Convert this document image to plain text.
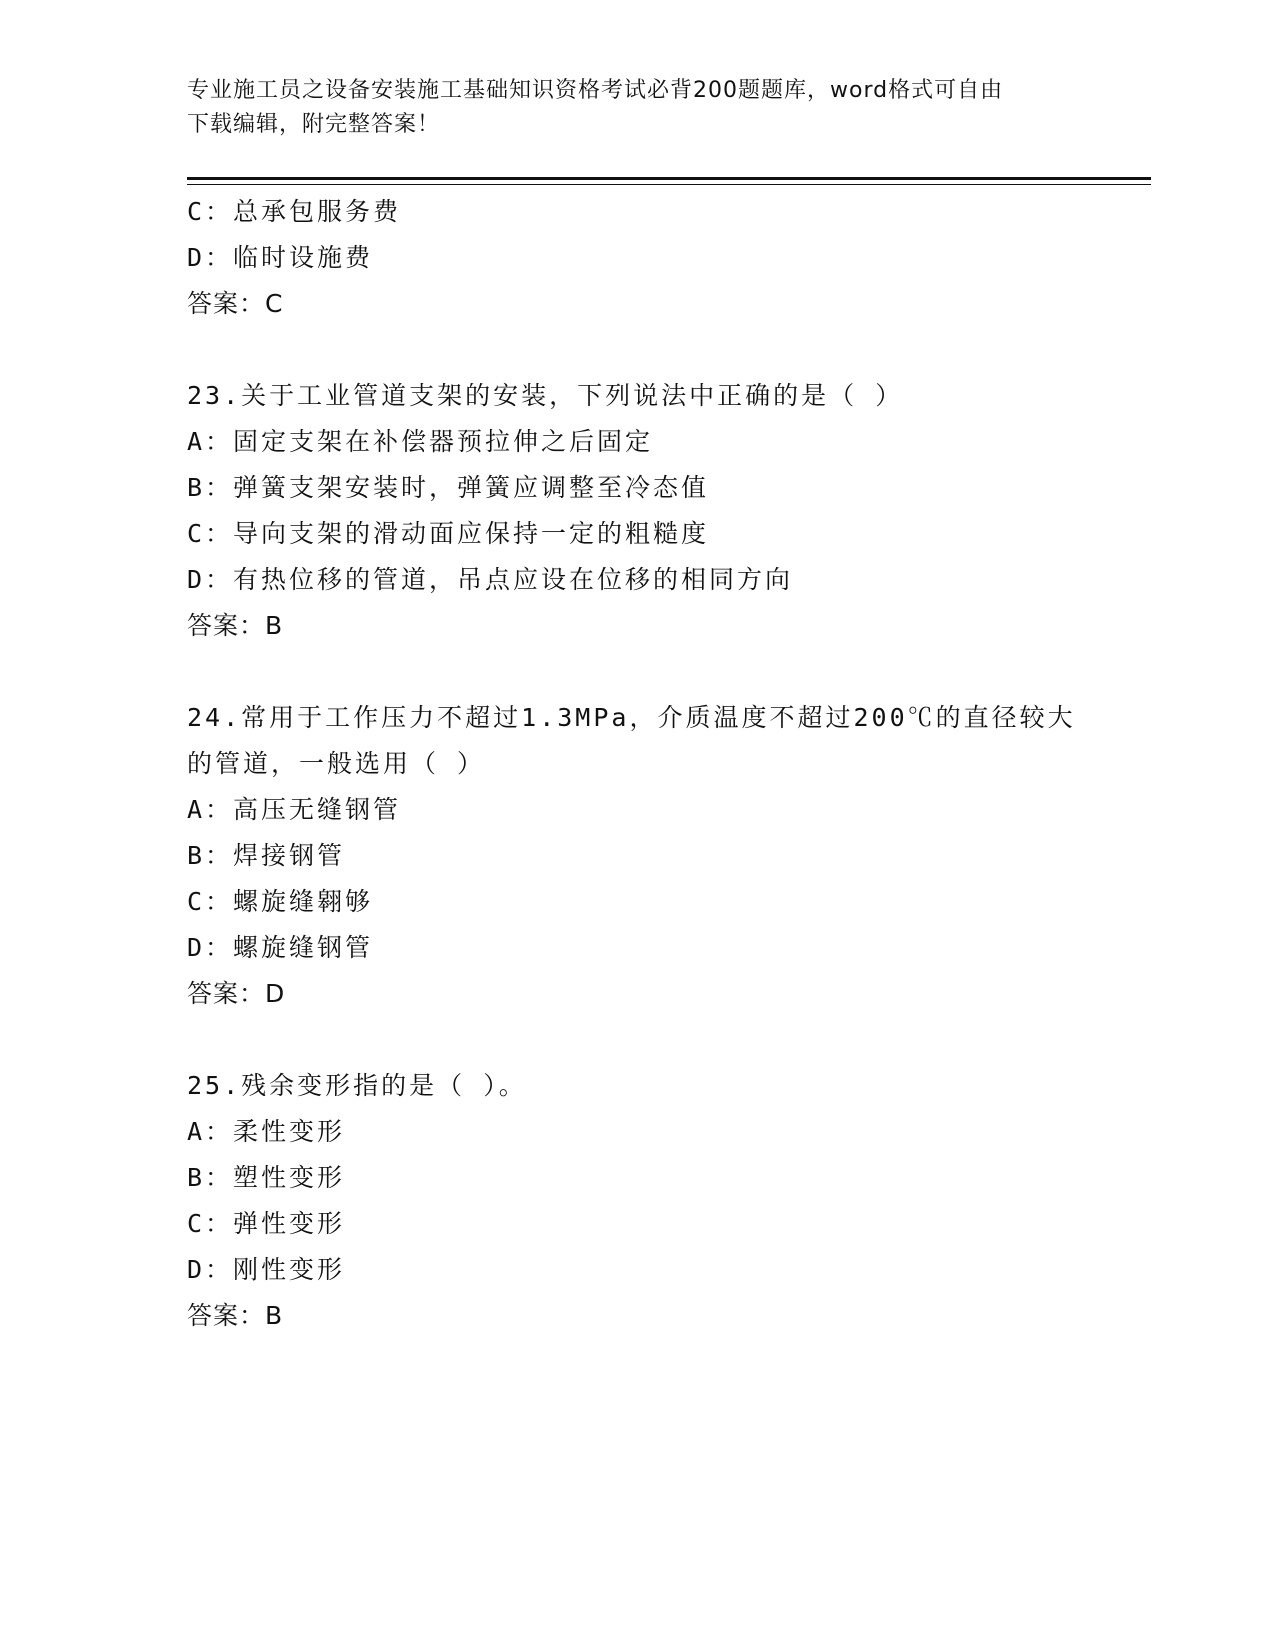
专业施工员之设备安装施工基础知识资格考试必背200题题库，word格式可自由
下载编辑，附完整答案！
C：总承包服务费
D：临时设施费
答案：C
23.关于工业管道支架的安装，下列说法中正确的是（ ）
A：固定支架在补偿器预拉伸之后固定
B：弹簧支架安装时，弹簧应调整至冷态值
C：导向支架的滑动面应保持一定的粗糙度
D：有热位移的管道，吊点应设在位移的相同方向
答案：B
24.常用于工作压力不超过1.3MPa，介质温度不超过200℃的直径较大
的管道，一般选用（ ）
A：高压无缝钢管
B：焊接钢管
C：螺旋缝翱够
D：螺旋缝钢管
答案：D
25.残余变形指的是（ ）。
A：柔性变形
B：塑性变形
C：弹性变形
D：刚性变形
答案：B
